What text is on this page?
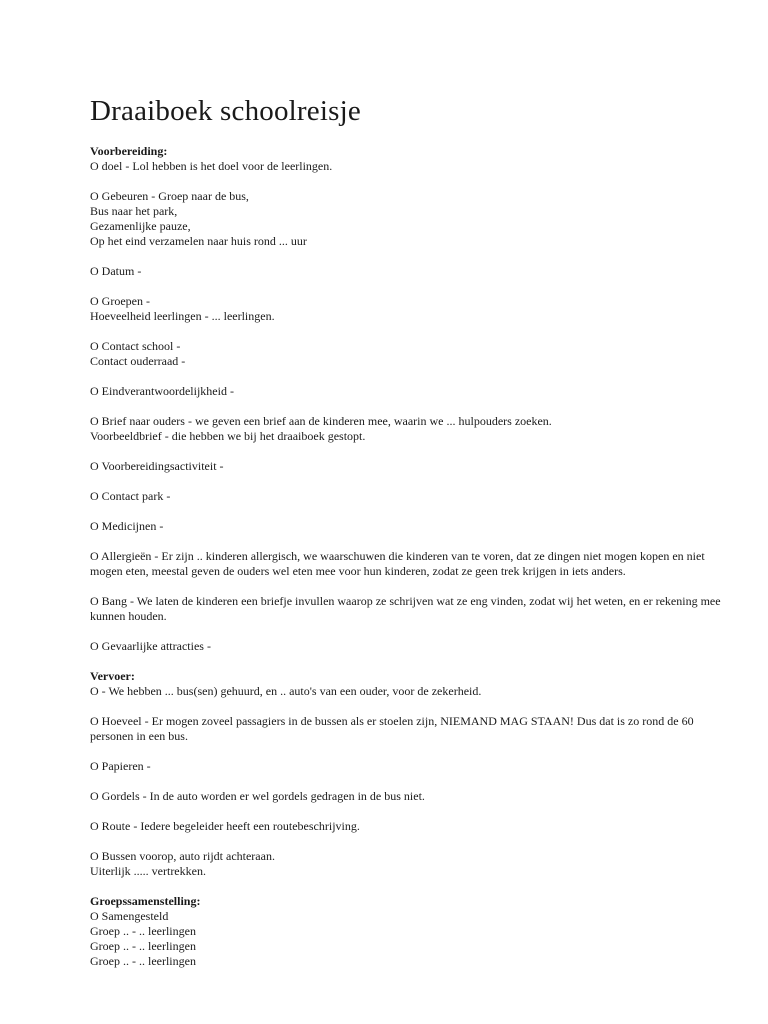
Draaiboek schoolreisje

Voorbereiding:
O doel - Lol hebben is het doel voor de leerlingen.

O Gebeuren - Groep naar de bus,
Bus naar het park,
Gezamenlijke pauze,
Op het eind verzamelen naar huis rond ... uur

O Datum -

O Groepen -
Hoeveelheid leerlingen - ... leerlingen.

O Contact school -
Contact ouderraad -

O Eindverantwoordelijkheid -

O Brief naar ouders - we geven een brief aan de kinderen mee, waarin we ... hulpouders zoeken.
Voorbeeldbrief - die hebben we bij het draaiboek gestopt.

O Voorbereidingsactiviteit -

O Contact park -

O Medicijnen -

O Allergieën - Er zijn .. kinderen allergisch, we waarschuwen die kinderen van te voren, dat ze dingen niet mogen kopen en niet mogen eten, meestal geven de ouders wel eten mee voor hun kinderen, zodat ze geen trek krijgen in iets anders.

O Bang - We laten de kinderen een briefje invullen waarop ze schrijven wat ze eng vinden, zodat wij het weten, en er rekening mee kunnen houden.

O Gevaarlijke attracties -

Vervoer:
O - We hebben ... bus(sen) gehuurd, en .. auto's van een ouder, voor de zekerheid.

O Hoeveel - Er mogen zoveel passagiers in de bussen als er stoelen zijn, NIEMAND MAG STAAN! Dus dat is zo rond de 60 personen in een bus.

O Papieren -

O Gordels - In de auto worden er wel gordels gedragen in de bus niet.

O Route - Iedere begeleider heeft een routebeschrijving.

O Bussen voorop, auto rijdt achteraan.
Uiterlijk ..... vertrekken.

Groepssamenstelling:
O Samengesteld
Groep .. - .. leerlingen
Groep .. - .. leerlingen
Groep .. - .. leerlingen
